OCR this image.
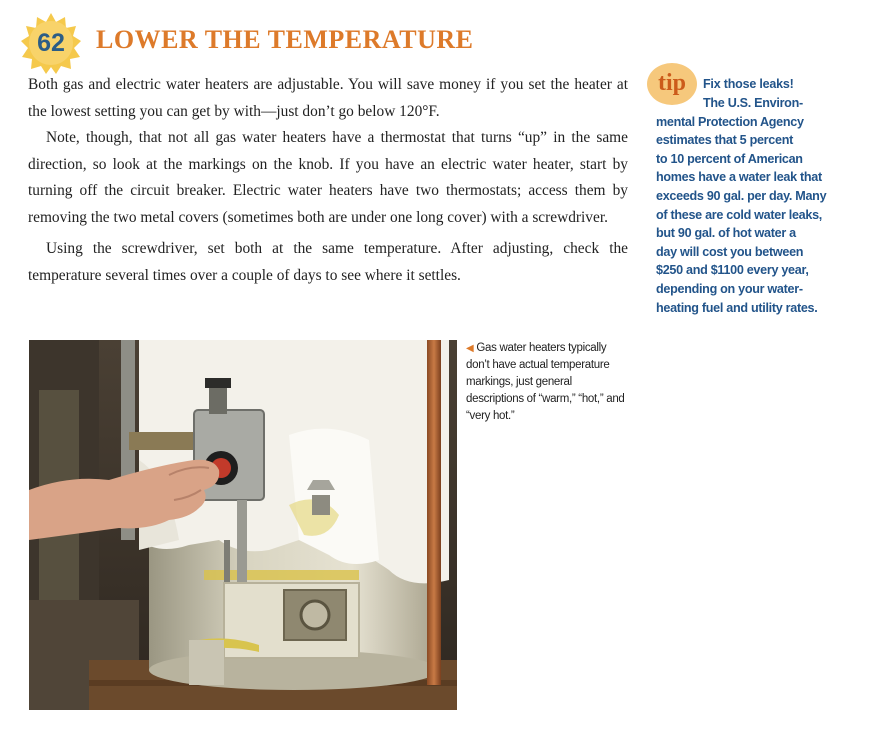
62	LOWER THE TEMPERATURE

Both gas and electric water heaters are adjustable. You will save money if you set the heater at the lowest setting you can get by with—just don’t go below 120°F.

Note, though, that not all gas water heaters have a thermostat that turns “up” in the same direction, so look at the markings on the knob. If you have an electric water heater, start by turning off the circuit breaker. Electric water heaters have two thermostats; access them by removing the two metal covers (sometimes both are under one long cover) with a screwdriver.

Using the screwdriver, set both at the same temperature. After adjusting, check the temperature several times over a couple of days to see where it settles.

◀ Gas water heaters typically don’t have actual temperature markings, just general descriptions of “warm,” “hot,” and “very hot.”
tip	Fix those leaks!
The U.S. Environ-
mental Protection Agency
estimates that 5 percent
to 10 percent of American
homes have a water leak that
exceeds 90 gal. per day. Many
of these are cold water leaks,
but 90 gal. of hot water a
day will cost you between
$250 and $1100 every year,
depending on your water-
heating fuel and utility rates.
